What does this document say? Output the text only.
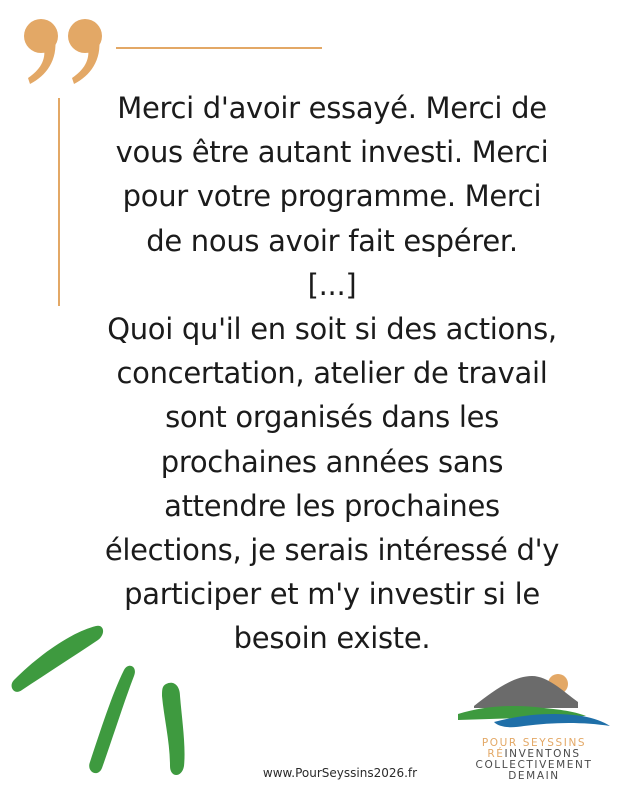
Merci d'avoir essayé. Merci de
vous être autant investi. Merci
pour votre programme. Merci
de nous avoir fait espérer.
[...]
Quoi qu'il en soit si des actions,
concertation, atelier de travail
sont organisés dans les
prochaines années sans
attendre les prochaines
élections, je serais intéressé d'y
participer et m'y investir si le
besoin existe.
www.PourSeyssins2026.fr
POUR SEYSSINS
RÉINVENTONS
COLLECTIVEMENT
DEMAIN
